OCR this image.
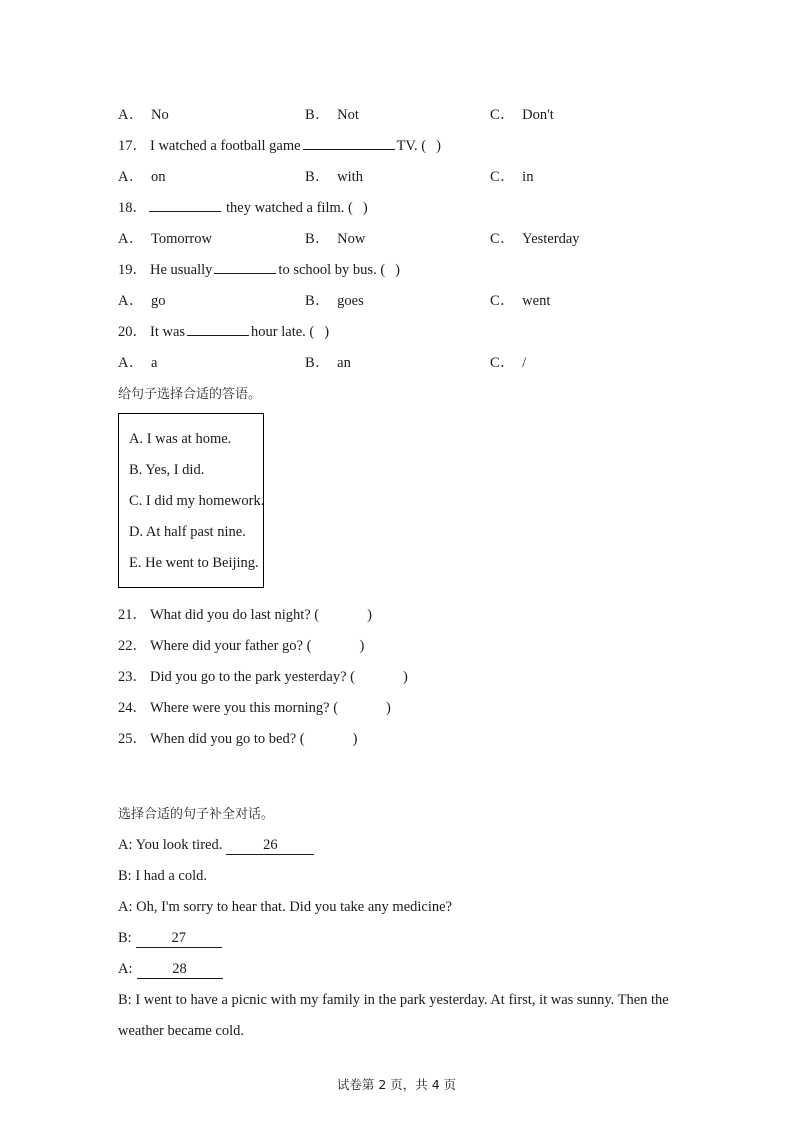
A． No	B． Not	C． Don't
17． I watched a football game	TV. ( )
A． on	B． with	C． in
18．	they watched a film. ( )
A． Tomorrow	B． Now	C． Yesterday
19． He usually	to school by bus. ( )
A． go	B． goes	C． went
20． It was	hour late. ( )
A． a	B． an	C． /
给句子选择合适的答语。
A. I was at home.
B. Yes, I did.
C. I did my homework.
D. At half past nine.
E. He went to Beijing.
21． What did you do last night? (	)
22． Where did your father go? (	)
23． Did you go to the park yesterday? (	)
24． Where were you this morning? (	)
25． When did you go to bed? (	)
选择合适的句子补全对话。
A: You look tired.	26
B: I had a cold.
A: Oh, I'm sorry to hear that. Did you take any medicine?
B:	27
A:	28
B: I went to have a picnic with my family in the park yesterday. At first, it was sunny. Then the
weather became cold.
试卷第 2 页，共 4 页
